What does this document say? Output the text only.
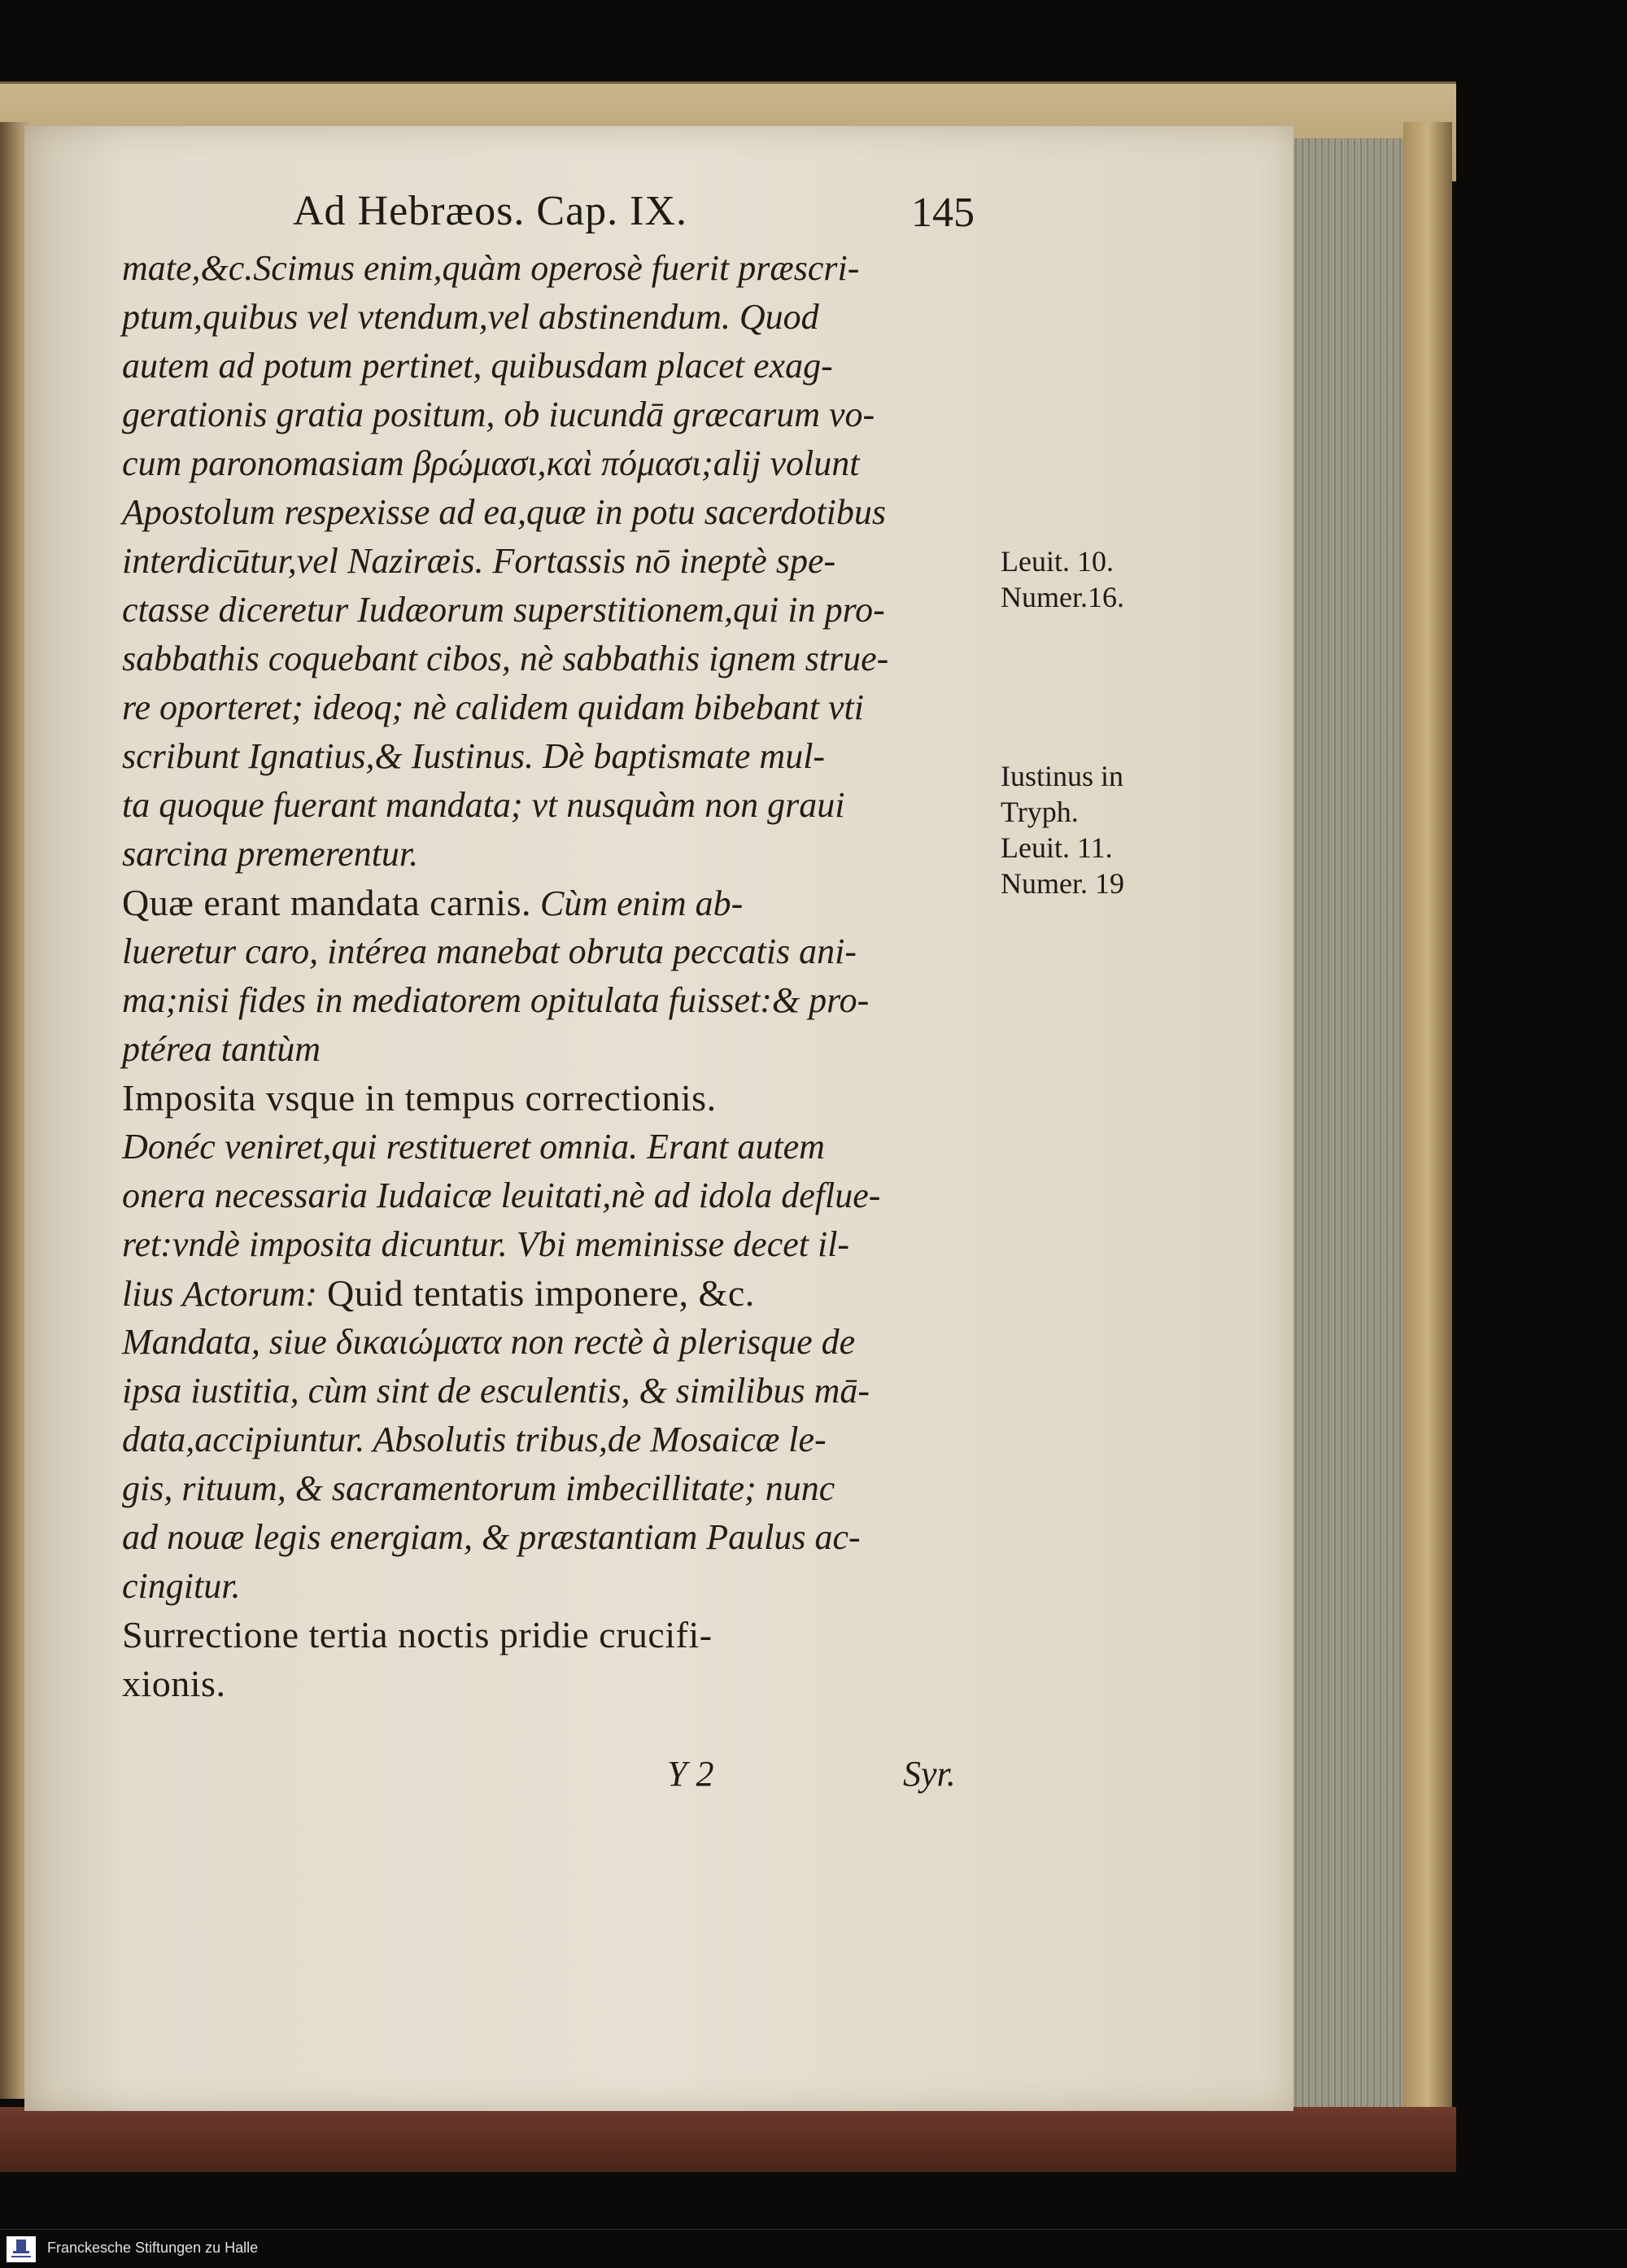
Ad Hebræos. Cap. IX.	145
mate,&c.Scimus enim,quàm operosè fuerit præscri-
ptum,quibus vel vtendum,vel abstinendum. Quod
autem ad potum pertinet, quibusdam placet exag-
gerationis gratia positum, ob iucundā græcarum vo-
cum paronomasiam βρώμασι,καὶ πόμασι;alij volunt
Apostolum respexisse ad ea,quæ in potu sacerdotibus
interdicūtur,vel Naziræis. Fortassis nō ineptè spe-
ctasse diceretur Iudæorum superstitionem,qui in pro-
sabbathis coquebant cibos, nè sabbathis ignem strue-
re oporteret; ideoq; nè calidem quidam bibebant vti
scribunt Ignatius,& Iustinus. Dè baptismate mul-
ta quoque fuerant mandata; vt nusquàm non graui
sarcina premerentur.
Quæ erant mandata carnis. Cùm enim ab-
lueretur caro, intérea manebat obruta peccatis ani-
ma;nisi fides in mediatorem opitulata fuisset:& pro-
ptérea tantùm
Imposita vsque in tempus correctionis.
Donéc veniret,qui restitueret omnia. Erant autem
onera necessaria Iudaicæ leuitati,nè ad idola deflue-
ret:vndè imposita dicuntur. Vbi meminisse decet il-
lius Actorum: Quid tentatis imponere, &c.
Mandata, siue δικαιώματα non rectè à plerisque de
ipsa iustitia, cùm sint de esculentis, & similibus mā-
data,accipiuntur. Absolutis tribus,de Mosaicæ le-
gis, rituum, & sacramentorum imbecillitate; nunc
ad nouæ legis energiam, & præstantiam Paulus ac-
cingitur.
Surrectione tertia noctis pridie crucifi-
xionis.
Leuit. 10.
Numer.16.
Iustinus in
Tryph.
Leuit. 11.
Numer. 19
Y 2	Syr.
Franckesche Stiftungen zu Halle
